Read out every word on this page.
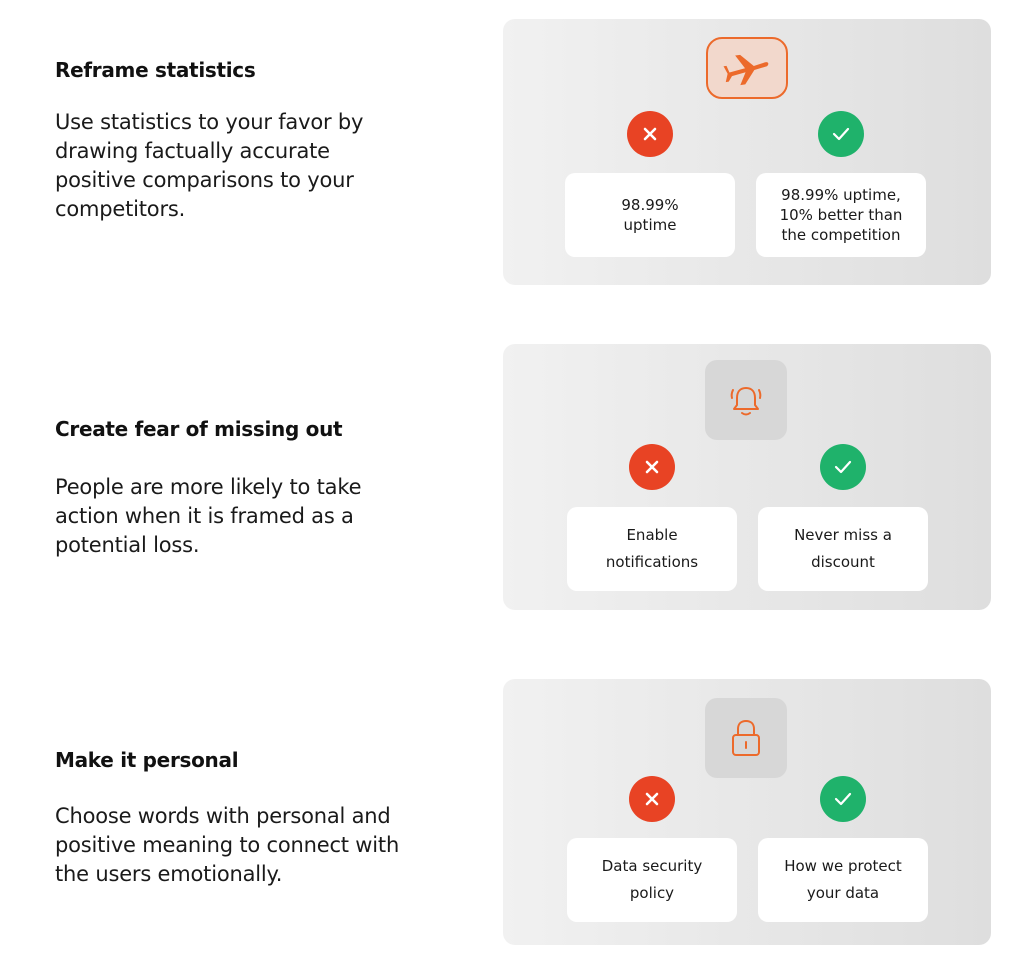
Reframe statistics
Use statistics to your favor by drawing factually accurate positive comparisons to your competitors.	98.99% uptime
98.99% uptime, 10% better than the competition
Create fear of missing out
People are more likely to take action when it is framed as a potential loss.	Enable notifications
Never miss a discount
Make it personal
Choose words with personal and positive meaning to connect with the users emotionally.	Data security policy
How we protect your data
